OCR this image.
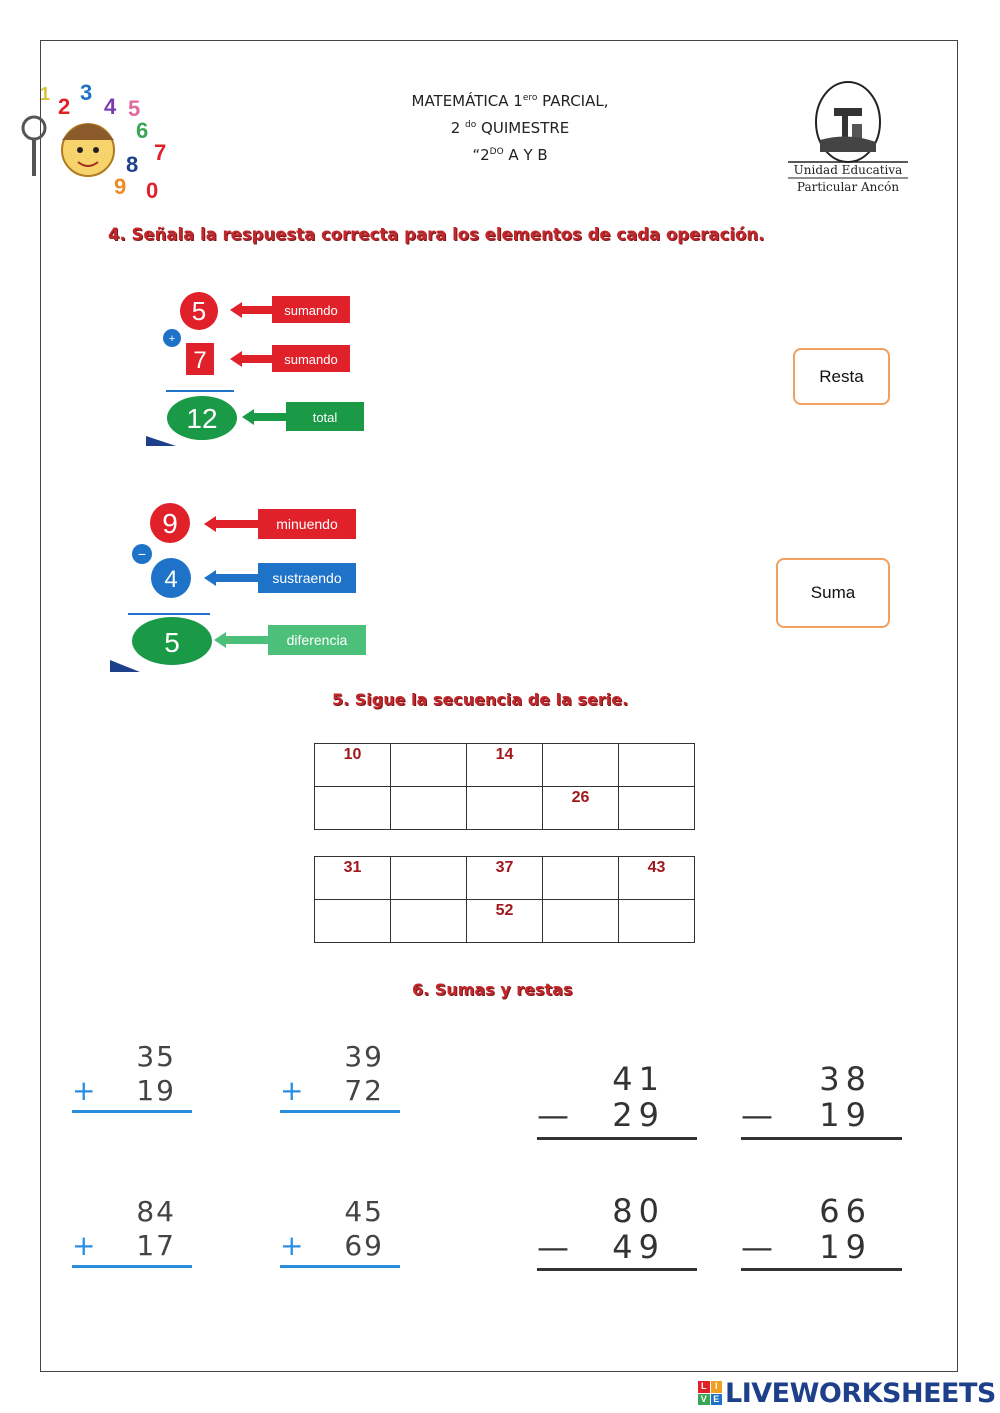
1 2
3
4 5
6
7
8
9 0
MATEMÁTICA $1^{ero}$ PARCIAL,
2 $^{do}$ QUIMESTRE
“$2^{DO}$ A Y B
Unidad Educativa
Particular Ancón
4. Señala la respuesta correcta para los elementos de cada operación.
5
+
7
12
sumando
sumando
total
9
−
4
5
minuendo
sustraendo
diferencia
Resta
Suma
5. Sigue la secuencia de la serie.
10		14		
			26	
31		37		43
		52		
6. Sumas y restas
35
+ 19
39
+ 72
84
+ 17
45
+ 69
41
— 29
38
— 19
80
— 49
66
— 19
L I
V E LIVEWORKSHEETS
